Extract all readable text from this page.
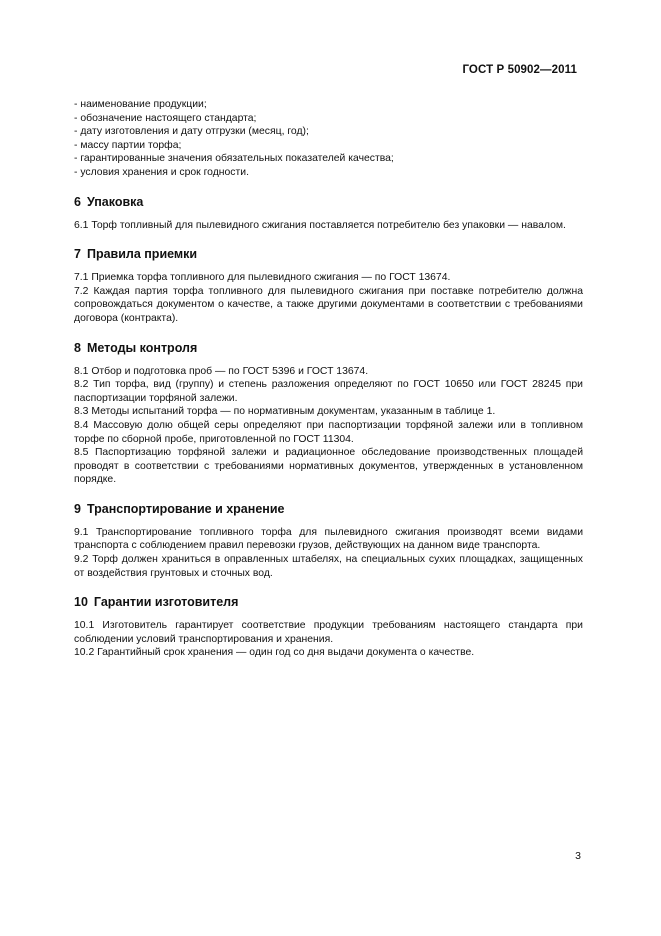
ГОСТ Р 50902—2011
- наименование продукции;
- обозначение настоящего стандарта;
- дату изготовления и дату отгрузки (месяц, год);
- массу партии торфа;
- гарантированные значения обязательных показателей качества;
- условия хранения и срок годности.
6 Упаковка
6.1 Торф топливный для пылевидного сжигания поставляется потребителю без упаковки — навалом.
7 Правила приемки
7.1 Приемка торфа топливного для пылевидного сжигания — по ГОСТ 13674.
7.2 Каждая партия торфа топливного для пылевидного сжигания при поставке потребителю должна сопровождаться документом о качестве, а также другими документами в соответствии с требованиями договора (контракта).
8 Методы контроля
8.1 Отбор и подготовка проб — по ГОСТ 5396 и ГОСТ 13674.
8.2 Тип торфа, вид (группу) и степень разложения определяют по ГОСТ 10650 или ГОСТ 28245 при паспортизации торфяной залежи.
8.3 Методы испытаний торфа — по нормативным документам, указанным в таблице 1.
8.4 Массовую долю общей серы определяют при паспортизации торфяной залежи или в топливном торфе по сборной пробе, приготовленной по ГОСТ 11304.
8.5 Паспортизацию торфяной залежи и радиационное обследование производственных площадей проводят в соответствии с требованиями нормативных документов, утвержденных в установленном порядке.
9 Транспортирование и хранение
9.1 Транспортирование топливного торфа для пылевидного сжигания производят всеми видами транспорта с соблюдением правил перевозки грузов, действующих на данном виде транспорта.
9.2 Торф должен храниться в оправленных штабелях, на специальных сухих площадках, защищенных от воздействия грунтовых и сточных вод.
10 Гарантии изготовителя
10.1 Изготовитель гарантирует соответствие продукции требованиям настоящего стандарта при соблюдении условий транспортирования и хранения.
10.2 Гарантийный срок хранения — один год со дня выдачи документа о качестве.
3
